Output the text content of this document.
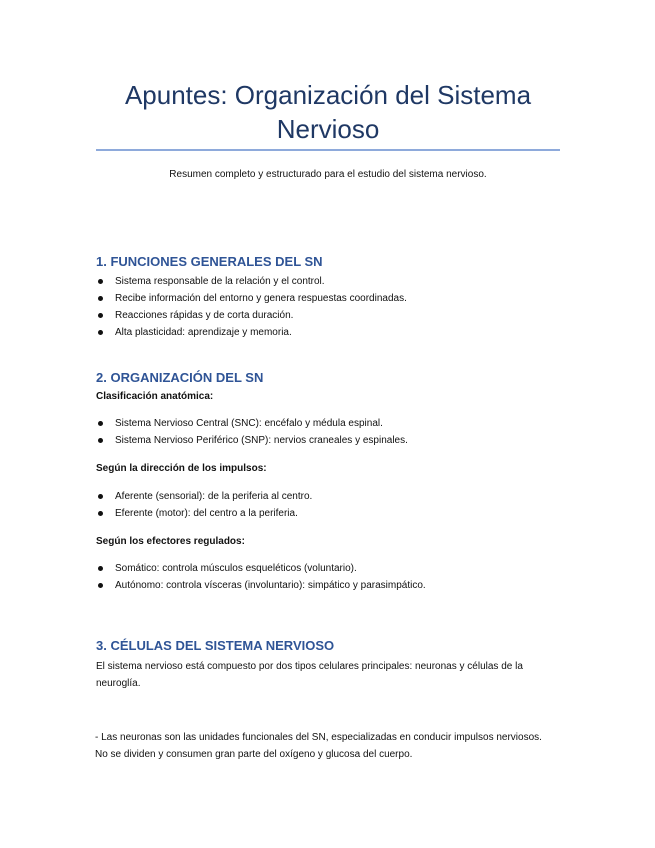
Apuntes: Organización del Sistema Nervioso

Resumen completo y estructurado para el estudio del sistema nervioso.

1. FUNCIONES GENERALES DEL SN
Sistema responsable de la relación y el control.
Recibe información del entorno y genera respuestas coordinadas.
Reacciones rápidas y de corta duración.
Alta plasticidad: aprendizaje y memoria.
2. ORGANIZACIÓN DEL SN

Clasificación anatómica:

Sistema Nervioso Central (SNC): encéfalo y médula espinal.
Sistema Nervioso Periférico (SNP): nervios craneales y espinales.

Según la dirección de los impulsos:

Aferente (sensorial): de la periferia al centro.
Eferente (motor): del centro a la periferia.

Según los efectores regulados:

Somático: controla músculos esqueléticos (voluntario).
Autónomo: controla vísceras (involuntario): simpático y parasimpático.
3. CÉLULAS DEL SISTEMA NERVIOSO

El sistema nervioso está compuesto por dos tipos celulares principales: neuronas y células de la neuroglía.

- Las neuronas son las unidades funcionales del SN, especializadas en conducir impulsos nerviosos. No se dividen y consumen gran parte del oxígeno y glucosa del cuerpo.
